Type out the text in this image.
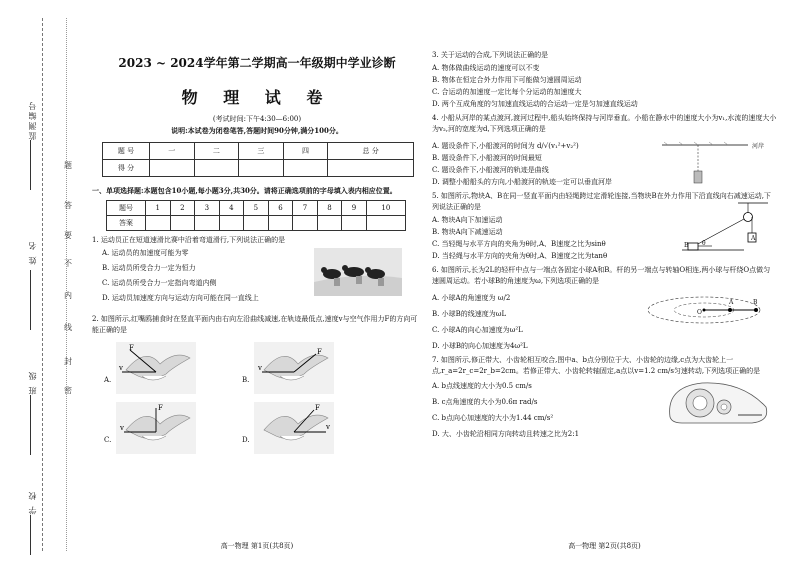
监测编号
姓 名
班 级
学 校
题
答
要
不
内
线
封
密
2023 ~ 2024学年第二学期高一年级期中学业诊断
物 理 试 卷
(考试时间:下午4:30—6:00)
说明:本试卷为闭卷笔答,答题时间90分钟,满分100分。
题 号	一	二	三	四	总 分
得 分					
一、单项选择题:本题包含10小题,每小题3分,共30分。请将正确选项前的字母填入表内相应位置。
题号	1	2	3	4	5	6	7	8	9	10
答案										
1. 运动员正在短道速滑比赛中沿着弯道滑行,下列说法正确的是
A. 运动员的加速度可能为零
B. 运动员所受合力一定为恒力
C. 运动员所受合力一定指向弯道内侧
D. 运动员加速度方向与运动方向可能在同一直线上
2. 如图所示,红嘴鸥捕食时在竖直平面内由右向左沿曲线减速,在轨迹最低点,速度v与空气作用力F的方向可能正确的是
A.
F
v
B.
F
v
C.
F
v
D.
F
v
高一物理 第1页(共8页)
3. 关于运动的合成,下列说法正确的是
A. 物体做曲线运动的速度可以不变
B. 物体在恒定合外力作用下可能做匀速圆周运动
C. 合运动的加速度一定比每个分运动的加速度大
D. 两个互成角度的匀加速直线运动的合运动一定是匀加速直线运动
4. 小船从河岸的某点渡河,渡河过程中,船头始终保持与河岸垂直。小船在静水中的速度大小为v₁,水流的速度大小为v₂,河的宽度为d,下列选项正确的是
A. 题设条件下,小船渡河的时间为 d/√(v₁²+v₂²)
B. 题设条件下,小船渡河的时间最短
C. 题设条件下,小船渡河的轨迹是曲线
D. 调整小船船头的方向,小船渡河的轨迹一定可以垂直河岸
河岸
5. 如图所示,物块A、B在同一竖直平面内由轻绳跨过定滑轮连接,当物块B在外力作用下沿直线向右减速运动,下列说法正确的是
A. 物块A向下加速运动
B. 物块A向下减速运动
C. 当轻绳与水平方向的夹角为θ时,A、B速度之比为sinθ
D. 当轻绳与水平方向的夹角为θ时,A、B速度之比为tanθ
A
B θ
6. 如图所示,长为2L的轻杆中点与一端点各固定小球A和B。杆的另一端点与转轴O相连,两小球与杆绕O点做匀速圆周运动。若小球B的角速度为ω,下列选项正确的是
A. 小球A的角速度为 ω/2
B. 小球B的线速度为ωL
C. 小球A的向心加速度为ω²L
D. 小球B的向心加速度为4ω²L
O
A	B
7. 如图所示,修正带大、小齿轮相互咬合,图中a、b点分别位于大、小齿轮的边缘,c点为大齿轮上一点,r_a=2r_c=2r_b=2cm。若修正带大、小齿轮转轴固定,a点以v=1.2 cm/s匀速转动,下列选项正确的是
A. b点线速度的大小为0.5 cm/s
B. c点角速度的大小为0.6π rad/s
C. b点向心加速度的大小为1.44 cm/s²
D. 大、小齿轮沿相同方向转动且转速之比为2:1
高一物理 第2页(共8页)
